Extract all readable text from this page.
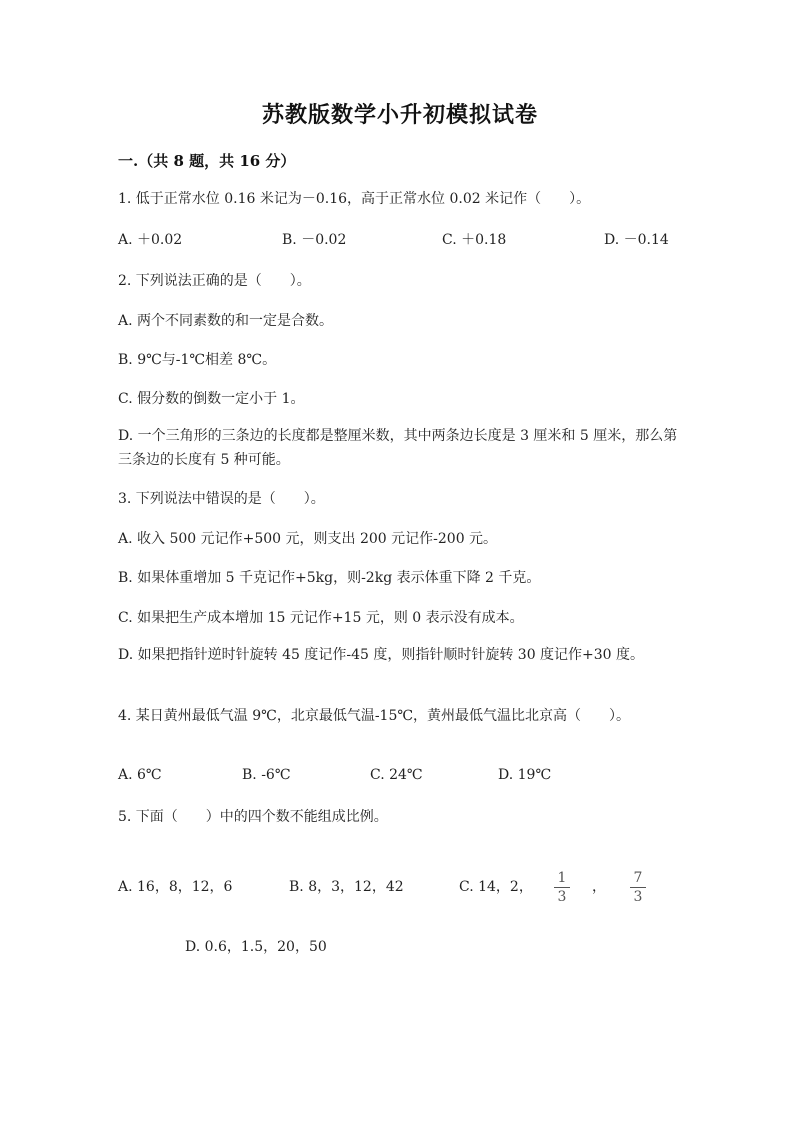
苏教版数学小升初模拟试卷
一.（共 8 题，共 16 分）
1. 低于正常水位 0.16 米记为－0.16，高于正常水位 0.02 米记作（　　）。
A. ＋0.02	B. －0.02	C. ＋0.18	D. －0.14
2. 下列说法正确的是（　　）。
A. 两个不同素数的和一定是合数。
B. 9℃与-1℃相差 8℃。
C. 假分数的倒数一定小于 1。
D. 一个三角形的三条边的长度都是整厘米数，其中两条边长度是 3 厘米和 5 厘米，那么第三条边的长度有 5 种可能。
3. 下列说法中错误的是（　　）。
A. 收入 500 元记作+500 元，则支出 200 元记作-200 元。
B. 如果体重增加 5 千克记作+5kg，则-2kg 表示体重下降 2 千克。
C. 如果把生产成本增加 15 元记作+15 元，则 0 表示没有成本。
D. 如果把指针逆时针旋转 45 度记作-45 度，则指针顺时针旋转 30 度记作+30 度。
4. 某日黄州最低气温 9℃，北京最低气温-15℃，黄州最低气温比北京高（　　）。
A. 6℃	B. -6℃	C. 24℃	D. 19℃
5. 下面（　　）中的四个数不能组成比例。
A. 16，8，12，6	B. 8，3，12，42	C. 14，2，
1
3
，
7
3
D. 0.6，1.5，20，50
